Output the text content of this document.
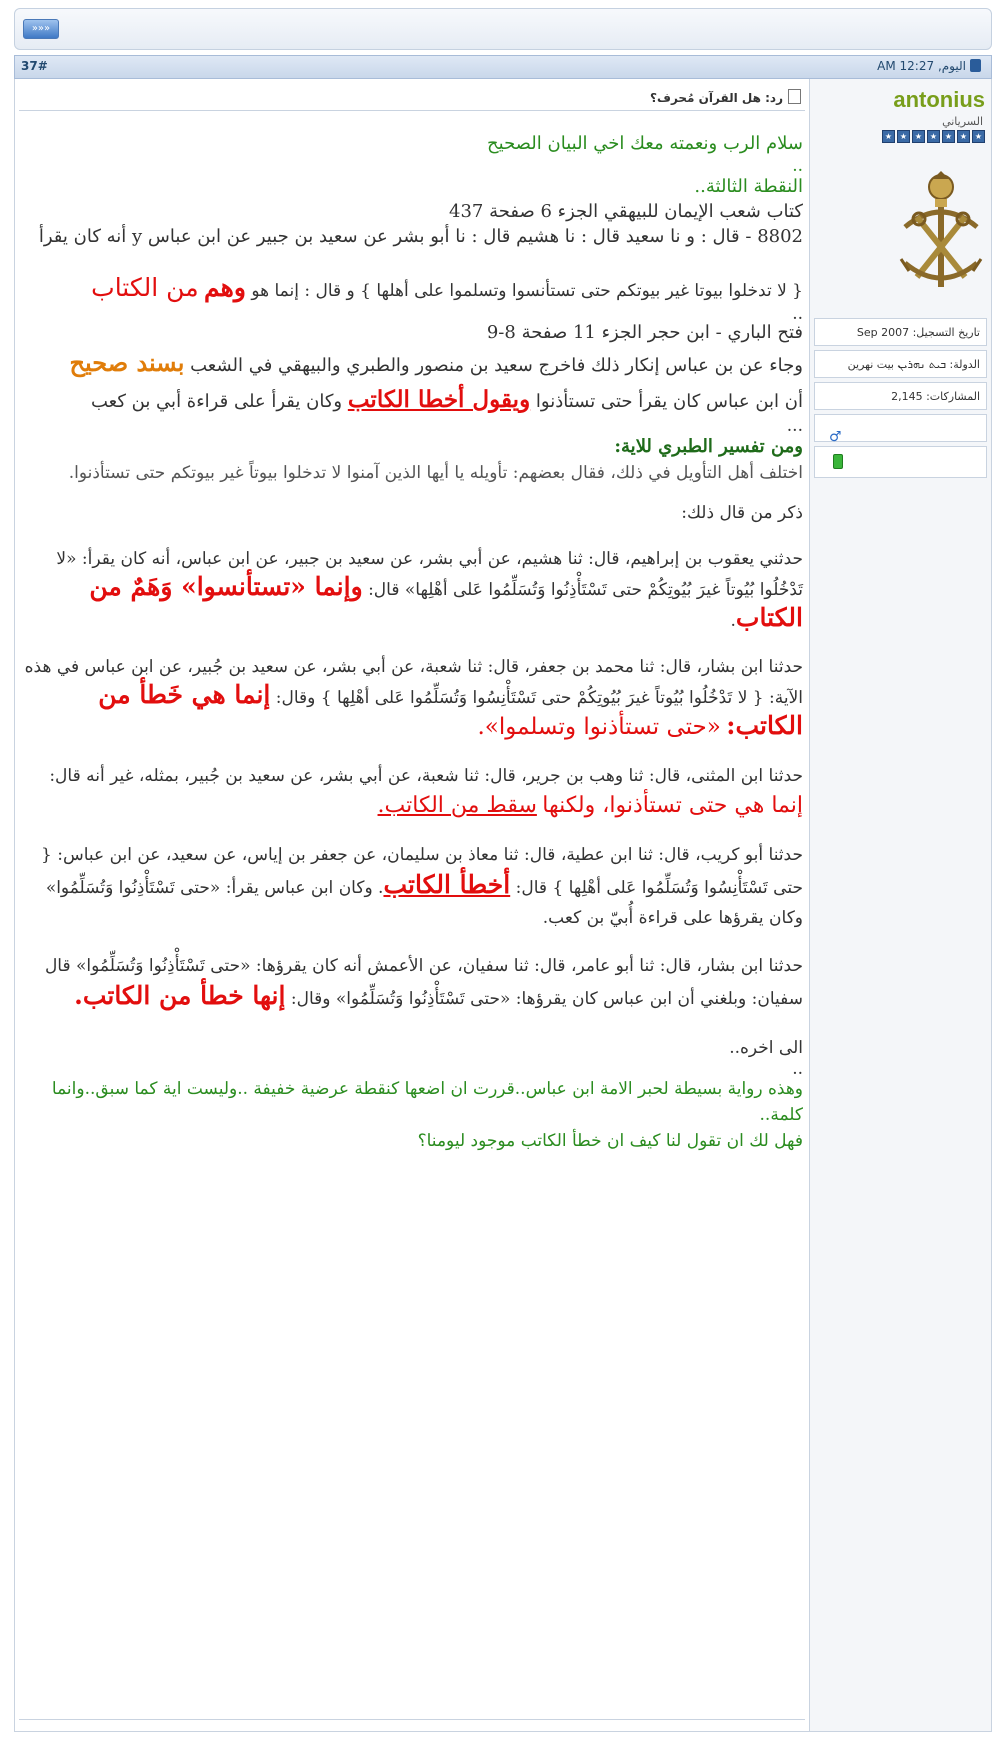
»»»
37#	اليوم, 12:27 AM
رد: هل القرآن مُحرف؟

سلام الرب ونعمته معك اخي البيان الصحيح

..

النقطة الثالثة..

كتاب شعب الإيمان للبيهقي الجزء 6 صفحة 437

8802 - قال : و نا سعيد قال : نا هشيم قال : نا أبو بشر عن سعيد بن جبير عن ابن عباس y أنه كان يقرأ

{ لا تدخلوا بيوتا غير بيوتكم حتى تستأنسوا وتسلموا على أهلها } و قال : إنما هو وهم من الكتاب

..

فتح الباري - ابن حجر الجزء 11 صفحة 8-9

وجاء عن بن عباس إنكار ذلك فاخرج سعيد بن منصور والطبري والبيهقي في الشعب بسند صحيح

أن ابن عباس كان يقرأ حتى تستأذنوا ويقول أخطا الكاتب وكان يقرأ على قراءة أبي بن كعب

...

ومن تفسير الطبري للاية:

اختلف أهل التأويل في ذلك، فقال بعضهم: تأويله يا أيها الذين آمنوا لا تدخلوا بيوتاً غير بيوتكم حتى تستأذنوا.

ذكر من قال ذلك:

حدثني يعقوب بن إبراهيم، قال: ثنا هشيم، عن أبي بشر، عن سعيد بن جبير، عن ابن عباس، أنه كان يقرأ: «لا تَدْخُلُوا بُيُوتاً غيرَ بُيُوتِكُمْ حتى تَسْتَأْذِنُوا وَتُسَلِّمُوا عَلى أهْلِها» قال: وإنما «تستأنسوا» وَهَمٌ من الكتاب.

حدثنا ابن بشار، قال: ثنا محمد بن جعفر، قال: ثنا شعبة، عن أبي بشر، عن سعيد بن جُبير، عن ابن عباس في هذه الآية: { لا تَدْخُلُوا بُيُوتاً غيرَ بُيُوتِكُمْ حتى تَسْتَأْنِسُوا وَتُسَلِّمُوا عَلى أهْلِها } وقال: إنما هي خَطأ من الكاتب: «حتى تستأذنوا وتسلموا».

حدثنا ابن المثنى، قال: ثنا وهب بن جرير، قال: ثنا شعبة، عن أبي بشر، عن سعيد بن جُبير، بمثله، غير أنه قال: إنما هي حتى تستأذنوا، ولكنها سقط من الكاتب.

حدثنا أبو كريب، قال: ثنا ابن عطية، قال: ثنا معاذ بن سليمان، عن جعفر بن إياس، عن سعيد، عن ابن عباس: { حتى تَسْتَأْنِسُوا وَتُسَلِّمُوا عَلى أهْلِها } قال: أخطأ الكاتب. وكان ابن عباس يقرأ: «حتى تَسْتَأْذِنُوا وَتُسَلِّمُوا» وكان يقرؤها على قراءة أُبيّ بن كعب.

حدثنا ابن بشار، قال: ثنا أبو عامر، قال: ثنا سفيان، عن الأعمش أنه كان يقرؤها: «حتى تَسْتَأْذِنُوا وَتُسَلِّمُوا» قال سفيان: وبلغني أن ابن عباس كان يقرؤها: «حتى تَسْتَأْذِنُوا وَتُسَلِّمُوا» وقال: إنها خطأ من الكاتب.

الى اخره..

..

وهذه رواية بسيطة لحبر الامة ابن عباس..قررت ان اضعها كنقطة عرضية خفيفة ..وليست اية كما سبق..وانما كلمة..

فهل لك ان تقول لنا كيف ان خطأ الكاتب موجود ليومنا؟

antonius
السرياني
★ ★ ★ ★ ★ ★ ★
تاريخ التسجيل: Sep 2007
الدولة: ܒܝܬ ܢܗܪܝܢ بيت نهرين
المشاركات: 2,145
♂
